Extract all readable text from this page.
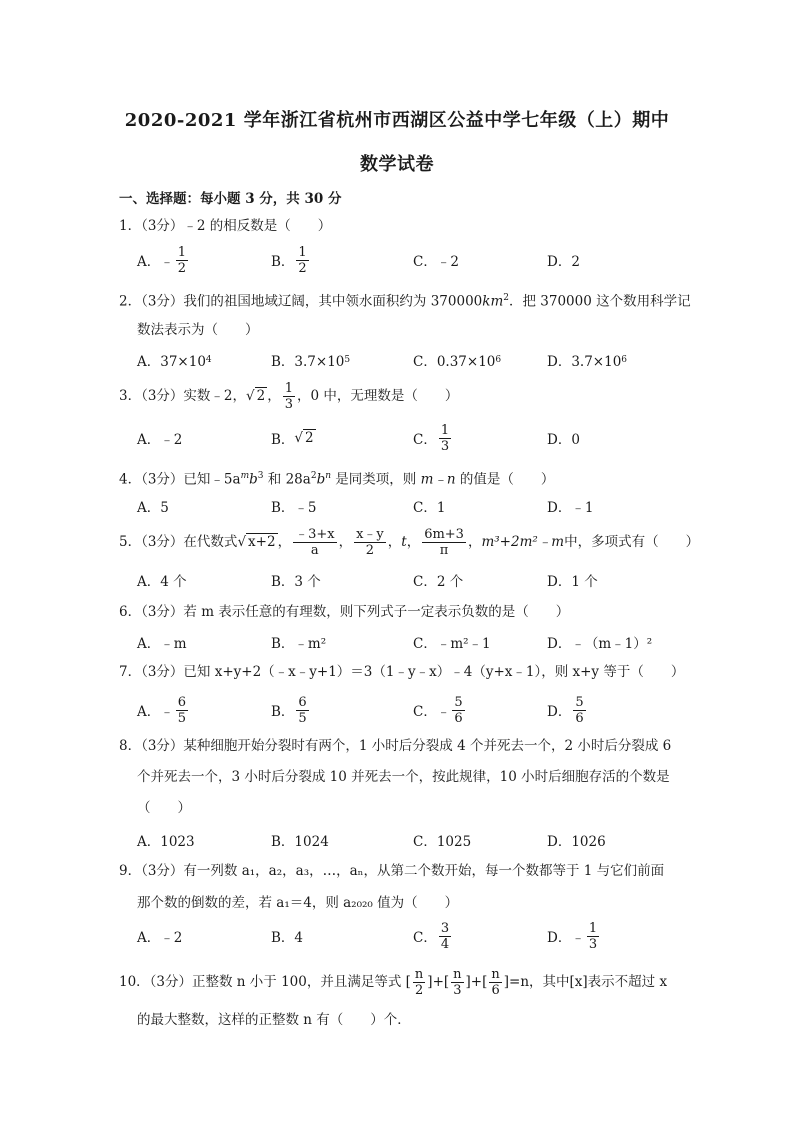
2020-2021 学年浙江省杭州市西湖区公益中学七年级（上）期中
数学试卷
一、选择题：每小题 3 分，共 30 分
1．（3分）﹣2 的相反数是（　　）
A．﹣ $\frac{1}{2}$	B． $\frac{1}{2}$	C．﹣2	D．2
2．（3分）我们的祖国地域辽阔，其中领水面积约为 $370000km^2$．把 370000 这个数用科学记
数法表示为（　　）
A．37×10 4	B．3.7×10 5	C．0.37×10 6	D．3.7×10 6
3．（3分）实数﹣2， √ 2 ， $\frac{1}{3}$ ，0 中，无理数是（　　）
A．﹣2	B． √ 2	C． $\frac{1}{3}$	D．0
4．（3分）已知$﹣5a^mb^3$ 和 $28a^2b^n$ 是同类项，则 m﹣n 的值是（　　）
A．5	B．﹣5	C．1	D．﹣1
5．（3分）在代数式 √ x+2 ， $\frac{﹣3+x}{a}$ ， $\frac{x﹣y}{2}$ ， t ， $\frac{6m+3}{\pi}$ ， m³+2m²﹣m 中，多项式有（　　）
A．4 个	B．3 个	C．2 个	D．1 个
6．（3分）若 m 表示任意的有理数，则下列式子一定表示负数的是（　　）
A．﹣m	B．﹣m²	C．﹣m²﹣1	D．﹣（m﹣1）²
7．（3分）已知 x+y+2（﹣x﹣y+1）＝3（1﹣y﹣x）﹣4（y+x﹣1），则 x+y 等于（　　）
A．﹣ $\frac{6}{5}$	B． $\frac{6}{5}$	C．﹣ $\frac{5}{6}$	D． $\frac{5}{6}$
8．（3分）某种细胞开始分裂时有两个，1 小时后分裂成 4 个并死去一个，2 小时后分裂成 6
个并死去一个，3 小时后分裂成 10 并死去一个，按此规律，10 小时后细胞存活的个数是
（　　）
A．1023	B．1024	C．1025	D．1026
9．（3分）有一列数 a₁，a₂，a₃，…，aₙ，从第二个数开始，每一个数都等于 1 与它们前面
那个数的倒数的差，若 a₁＝4，则 a₂₀₂₀ 值为（　　）
A．﹣2	B．4	C． $\frac{3}{4}$	D．﹣ $\frac{1}{3}$
10．（3分）正整数 n 小于 100，并且满足等式 [ $\frac{n}{2}$ ]+[ $\frac{n}{3}$ ]+[ $\frac{n}{6} ]=n$，其中[x]表示不超过 x
的最大整数，这样的正整数 n 有（　　）个．
